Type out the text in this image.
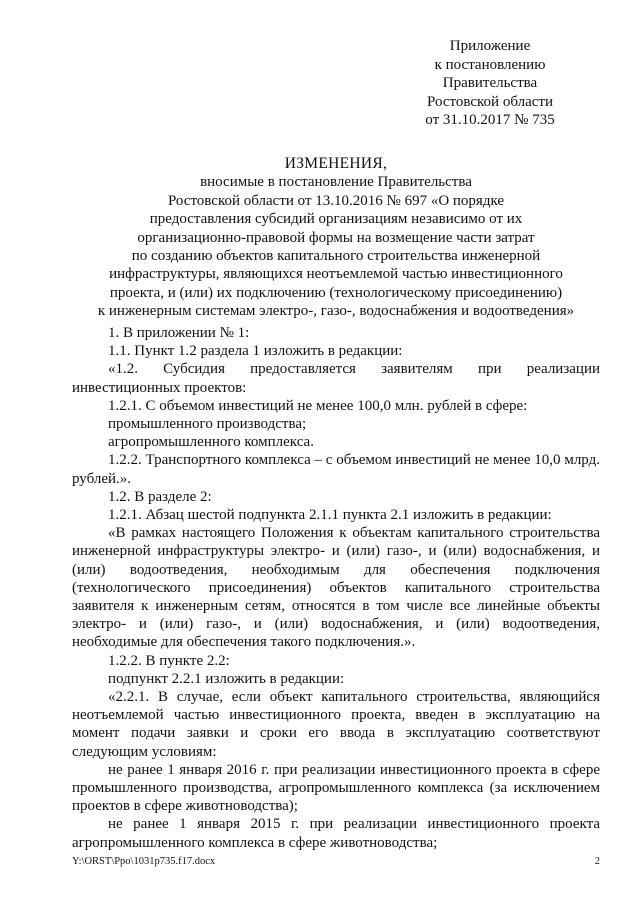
Приложение
к постановлению
Правительства
Ростовской области
от 31.10.2017 № 735
ИЗМЕНЕНИЯ,
вносимые в постановление Правительства
Ростовской области от 13.10.2016 № 697 «О порядке
предоставления субсидий организациям независимо от их
организационно-правовой формы на возмещение части затрат
по созданию объектов капитального строительства инженерной
инфраструктуры, являющихся неотъемлемой частью инвестиционного
проекта, и (или) их подключению (технологическому присоединению)
к инженерным системам электро-, газо-, водоснабжения и водоотведения»

1. В приложении № 1:

1.1. Пункт 1.2 раздела 1 изложить в редакции:

«1.2. Субсидия предоставляется заявителям при реализации инвестиционных проектов:

1.2.1. С объемом инвестиций не менее 100,0 млн. рублей в сфере:

промышленного производства;

агропромышленного комплекса.

1.2.2. Транспортного комплекса – с объемом инвестиций не менее 10,0 млрд. рублей.».

1.2. В разделе 2:

1.2.1. Абзац шестой подпункта 2.1.1 пункта 2.1 изложить в редакции:

«В рамках настоящего Положения к объектам капитального строительства инженерной инфраструктуры электро- и (или) газо-, и (или) водоснабжения, и (или) водоотведения, необходимым для обеспечения подключения (технологического присоединения) объектов капитального строительства заявителя к инженерным сетям, относятся в том числе все линейные объекты электро- и (или) газо-, и (или) водоснабжения, и (или) водоотведения, необходимые для обеспечения такого подключения.».

1.2.2. В пункте 2.2:

подпункт 2.2.1 изложить в редакции:

«2.2.1. В случае, если объект капитального строительства, являющийся неотъемлемой частью инвестиционного проекта, введен в эксплуатацию на момент подачи заявки и сроки его ввода в эксплуатацию соответствуют следующим условиям:

не ранее 1 января 2016 г. при реализации инвестиционного проекта в сфере промышленного производства, агропромышленного комплекса (за исключением проектов в сфере животноводства);

не ранее 1 января 2015 г. при реализации инвестиционного проекта агропромышленного комплекса в сфере животноводства;

Y:\ORST\Ppo\1031p735.f17.docx	2
